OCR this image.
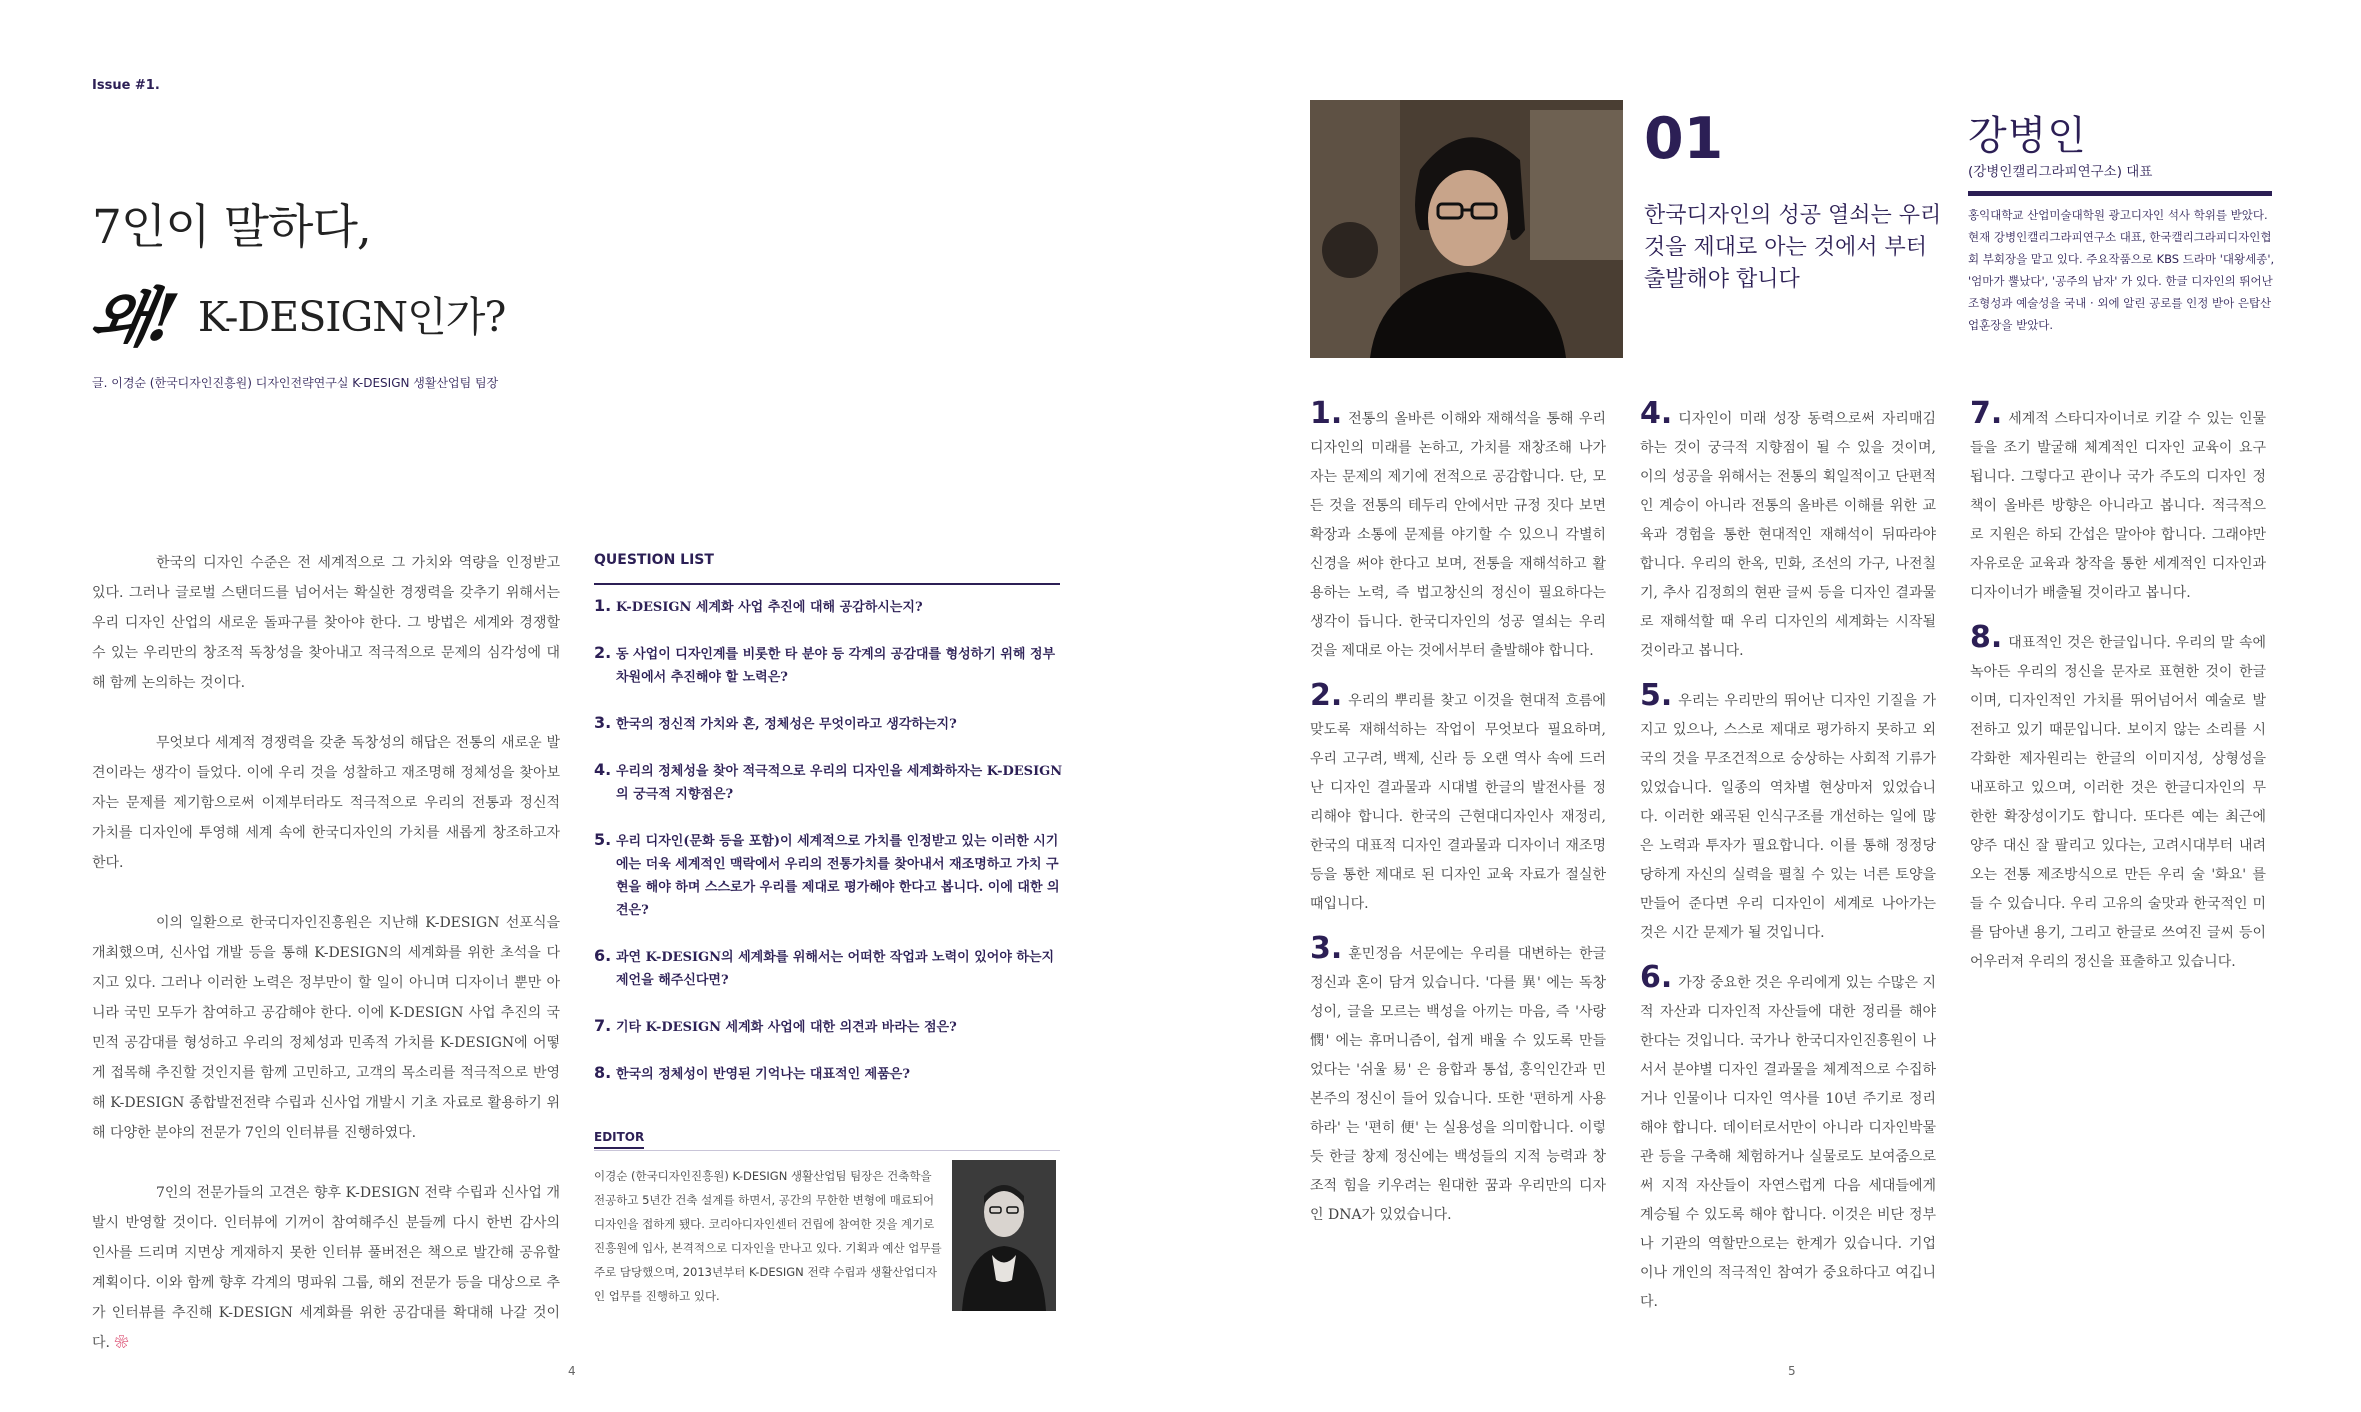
Issue #1.
7인이 말하다,
왜! K-DESIGN인가?
글. 이경순 (한국디자인진흥원) 디자인전략연구실 K-DESIGN 생활산업팀 팀장

한국의 디자인 수준은 전 세계적으로 그 가치와 역량을 인정받고 있다. 그러나 글로벌 스탠더드를 넘어서는 확실한 경쟁력을 갖추기 위해서는 우리 디자인 산업의 새로운 돌파구를 찾아야 한다. 그 방법은 세계와 경쟁할 수 있는 우리만의 창조적 독창성을 찾아내고 적극적으로 문제의 심각성에 대해 함께 논의하는 것이다.

무엇보다 세계적 경쟁력을 갖춘 독창성의 해답은 전통의 새로운 발견이라는 생각이 들었다. 이에 우리 것을 성찰하고 재조명해 정체성을 찾아보자는 문제를 제기함으로써 이제부터라도 적극적으로 우리의 전통과 정신적 가치를 디자인에 투영해 세계 속에 한국디자인의 가치를 새롭게 창조하고자 한다.

이의 일환으로 한국디자인진흥원은 지난해 K-DESIGN 선포식을 개최했으며, 신사업 개발 등을 통해 K-DESIGN의 세계화를 위한 초석을 다지고 있다. 그러나 이러한 노력은 정부만이 할 일이 아니며 디자이너 뿐만 아니라 국민 모두가 참여하고 공감해야 한다. 이에 K-DESIGN 사업 추진의 국민적 공감대를 형성하고 우리의 정체성과 민족적 가치를 K-DESIGN에 어떻게 접목해 추진할 것인지를 함께 고민하고, 고객의 목소리를 적극적으로 반영해 K-DESIGN 종합발전전략 수립과 신사업 개발시 기초 자료로 활용하기 위해 다양한 분야의 전문가 7인의 인터뷰를 진행하였다.

7인의 전문가들의 고견은 향후 K-DESIGN 전략 수립과 신사업 개발시 반영할 것이다. 인터뷰에 기꺼이 참여해주신 분들께 다시 한번 감사의 인사를 드리며 지면상 게재하지 못한 인터뷰 풀버전은 책으로 발간해 공유할 계획이다. 이와 함께 향후 각계의 명파워 그룹, 해외 전문가 등을 대상으로 추가 인터뷰를 추진해 K-DESIGN 세계화를 위한 공감대를 확대해 나갈 것이다. ❀

QUESTION LIST
1. K-DESIGN 세계화 사업 추진에 대해 공감하시는지?
2. 동 사업이 디자인계를 비롯한 타 분야 등 각계의 공감대를 형성하기 위해 정부 차원에서 추진해야 할 노력은?
3. 한국의 정신적 가치와 혼, 정체성은 무엇이라고 생각하는지?
4. 우리의 정체성을 찾아 적극적으로 우리의 디자인을 세계화하자는 K-DESIGN의 궁극적 지향점은?
5. 우리 디자인(문화 등을 포함)이 세계적으로 가치를 인정받고 있는 이러한 시기에는 더욱 세계적인 맥락에서 우리의 전통가치를 찾아내서 재조명하고 가치 구현을 해야 하며 스스로가 우리를 제대로 평가해야 한다고 봅니다. 이에 대한 의견은?
6. 과연 K-DESIGN의 세계화를 위해서는 어떠한 작업과 노력이 있어야 하는지 제언을 해주신다면?
7. 기타 K-DESIGN 세계화 사업에 대한 의견과 바라는 점은?
8. 한국의 정체성이 반영된 기억나는 대표적인 제품은?
EDITOR
이경순 (한국디자인진흥원) K-DESIGN 생활산업팀 팀장은 건축학을 전공하고 5년간 건축 설계를 하면서, 공간의 무한한 변형에 매료되어 디자인을 접하게 됐다. 코리아디자인센터 건립에 참여한 것을 계기로 진흥원에 입사, 본격적으로 디자인을 만나고 있다. 기획과 예산 업무를 주로 담당했으며, 2013년부터 K-DESIGN 전략 수립과 생활산업디자인 업무를 진행하고 있다.
4
01
한국디자인의 성공 열쇠는 우리 것을 제대로 아는 것에서 부터 출발해야 합니다
강병인
(강병인캘리그라피연구소) 대표
홍익대학교 산업미술대학원 광고디자인 석사 학위를 받았다. 현재 강병인캘리그라피연구소 대표, 한국캘리그라피디자인협회 부회장을 맡고 있다. 주요작품으로 KBS 드라마 '대왕세종', '엄마가 뿔났다', '공주의 남자' 가 있다. 한글 디자인의 뛰어난 조형성과 예술성을 국내 · 외에 알린 공로를 인정 받아 은탑산업훈장을 받았다.

1. 전통의 올바른 이해와 재해석을 통해 우리 디자인의 미래를 논하고, 가치를 재창조해 나가자는 문제의 제기에 전적으로 공감합니다. 단, 모든 것을 전통의 테두리 안에서만 규정 짓다 보면 확장과 소통에 문제를 야기할 수 있으니 각별히 신경을 써야 한다고 보며, 전통을 재해석하고 활용하는 노력, 즉 법고창신의 정신이 필요하다는 생각이 듭니다. 한국디자인의 성공 열쇠는 우리 것을 제대로 아는 것에서부터 출발해야 합니다.

2. 우리의 뿌리를 찾고 이것을 현대적 흐름에 맞도록 재해석하는 작업이 무엇보다 필요하며, 우리 고구려, 백제, 신라 등 오랜 역사 속에 드러난 디자인 결과물과 시대별 한글의 발전사를 정리해야 합니다. 한국의 근현대디자인사 재정리, 한국의 대표적 디자인 결과물과 디자이너 재조명 등을 통한 제대로 된 디자인 교육 자료가 절실한 때입니다.

3. 훈민정음 서문에는 우리를 대변하는 한글 정신과 혼이 담겨 있습니다. '다를 異' 에는 독창성이, 글을 모르는 백성을 아끼는 마음, 즉 '사랑 憫' 에는 휴머니즘이, 쉽게 배울 수 있도록 만들었다는 '쉬울 易' 은 융합과 통섭, 홍익인간과 민본주의 정신이 들어 있습니다. 또한 '편하게 사용하라' 는 '편히 便' 는 실용성을 의미합니다. 이렇듯 한글 창제 정신에는 백성들의 지적 능력과 창조적 힘을 키우려는 원대한 꿈과 우리만의 디자인 DNA가 있었습니다.

4. 디자인이 미래 성장 동력으로써 자리매김하는 것이 궁극적 지향점이 될 수 있을 것이며, 이의 성공을 위해서는 전통의 획일적이고 단편적인 계승이 아니라 전통의 올바른 이해를 위한 교육과 경험을 통한 현대적인 재해석이 뒤따라야 합니다. 우리의 한옥, 민화, 조선의 가구, 나전칠기, 추사 김정희의 현판 글씨 등을 디자인 결과물로 재해석할 때 우리 디자인의 세계화는 시작될 것이라고 봅니다.

5. 우리는 우리만의 뛰어난 디자인 기질을 가지고 있으나, 스스로 제대로 평가하지 못하고 외국의 것을 무조건적으로 숭상하는 사회적 기류가 있었습니다. 일종의 역차별 현상마저 있었습니다. 이러한 왜곡된 인식구조를 개선하는 일에 많은 노력과 투자가 필요합니다. 이를 통해 정정당당하게 자신의 실력을 펼칠 수 있는 너른 토양을 만들어 준다면 우리 디자인이 세계로 나아가는 것은 시간 문제가 될 것입니다.

6. 가장 중요한 것은 우리에게 있는 수많은 지적 자산과 디자인적 자산들에 대한 정리를 해야 한다는 것입니다. 국가나 한국디자인진흥원이 나서서 분야별 디자인 결과물을 체계적으로 수집하거나 인물이나 디자인 역사를 10년 주기로 정리해야 합니다. 데이터로서만이 아니라 디자인박물관 등을 구축해 체험하거나 실물로도 보여줌으로써 지적 자산들이 자연스럽게 다음 세대들에게 계승될 수 있도록 해야 합니다. 이것은 비단 정부나 기관의 역할만으로는 한계가 있습니다. 기업이나 개인의 적극적인 참여가 중요하다고 여깁니다.

7. 세계적 스타디자이너로 키갈 수 있는 인물들을 조기 발굴해 체계적인 디자인 교육이 요구됩니다. 그렇다고 관이나 국가 주도의 디자인 정책이 올바른 방향은 아니라고 봅니다. 적극적으로 지원은 하되 간섭은 말아야 합니다. 그래야만 자유로운 교육과 창작을 통한 세계적인 디자인과 디자이너가 배출될 것이라고 봅니다.

8. 대표적인 것은 한글입니다. 우리의 말 속에 녹아든 우리의 정신을 문자로 표현한 것이 한글이며, 디자인적인 가치를 뛰어넘어서 예술로 발전하고 있기 때문입니다. 보이지 않는 소리를 시각화한 제자원리는 한글의 이미지성, 상형성을 내포하고 있으며, 이러한 것은 한글디자인의 무한한 확장성이기도 합니다. 또다른 예는 최근에 양주 대신 잘 팔리고 있다는, 고려시대부터 내려오는 전통 제조방식으로 만든 우리 술 '화요' 를 들 수 있습니다. 우리 고유의 술맛과 한국적인 미를 담아낸 용기, 그리고 한글로 쓰여진 글씨 등이 어우러져 우리의 정신을 표출하고 있습니다.

5
